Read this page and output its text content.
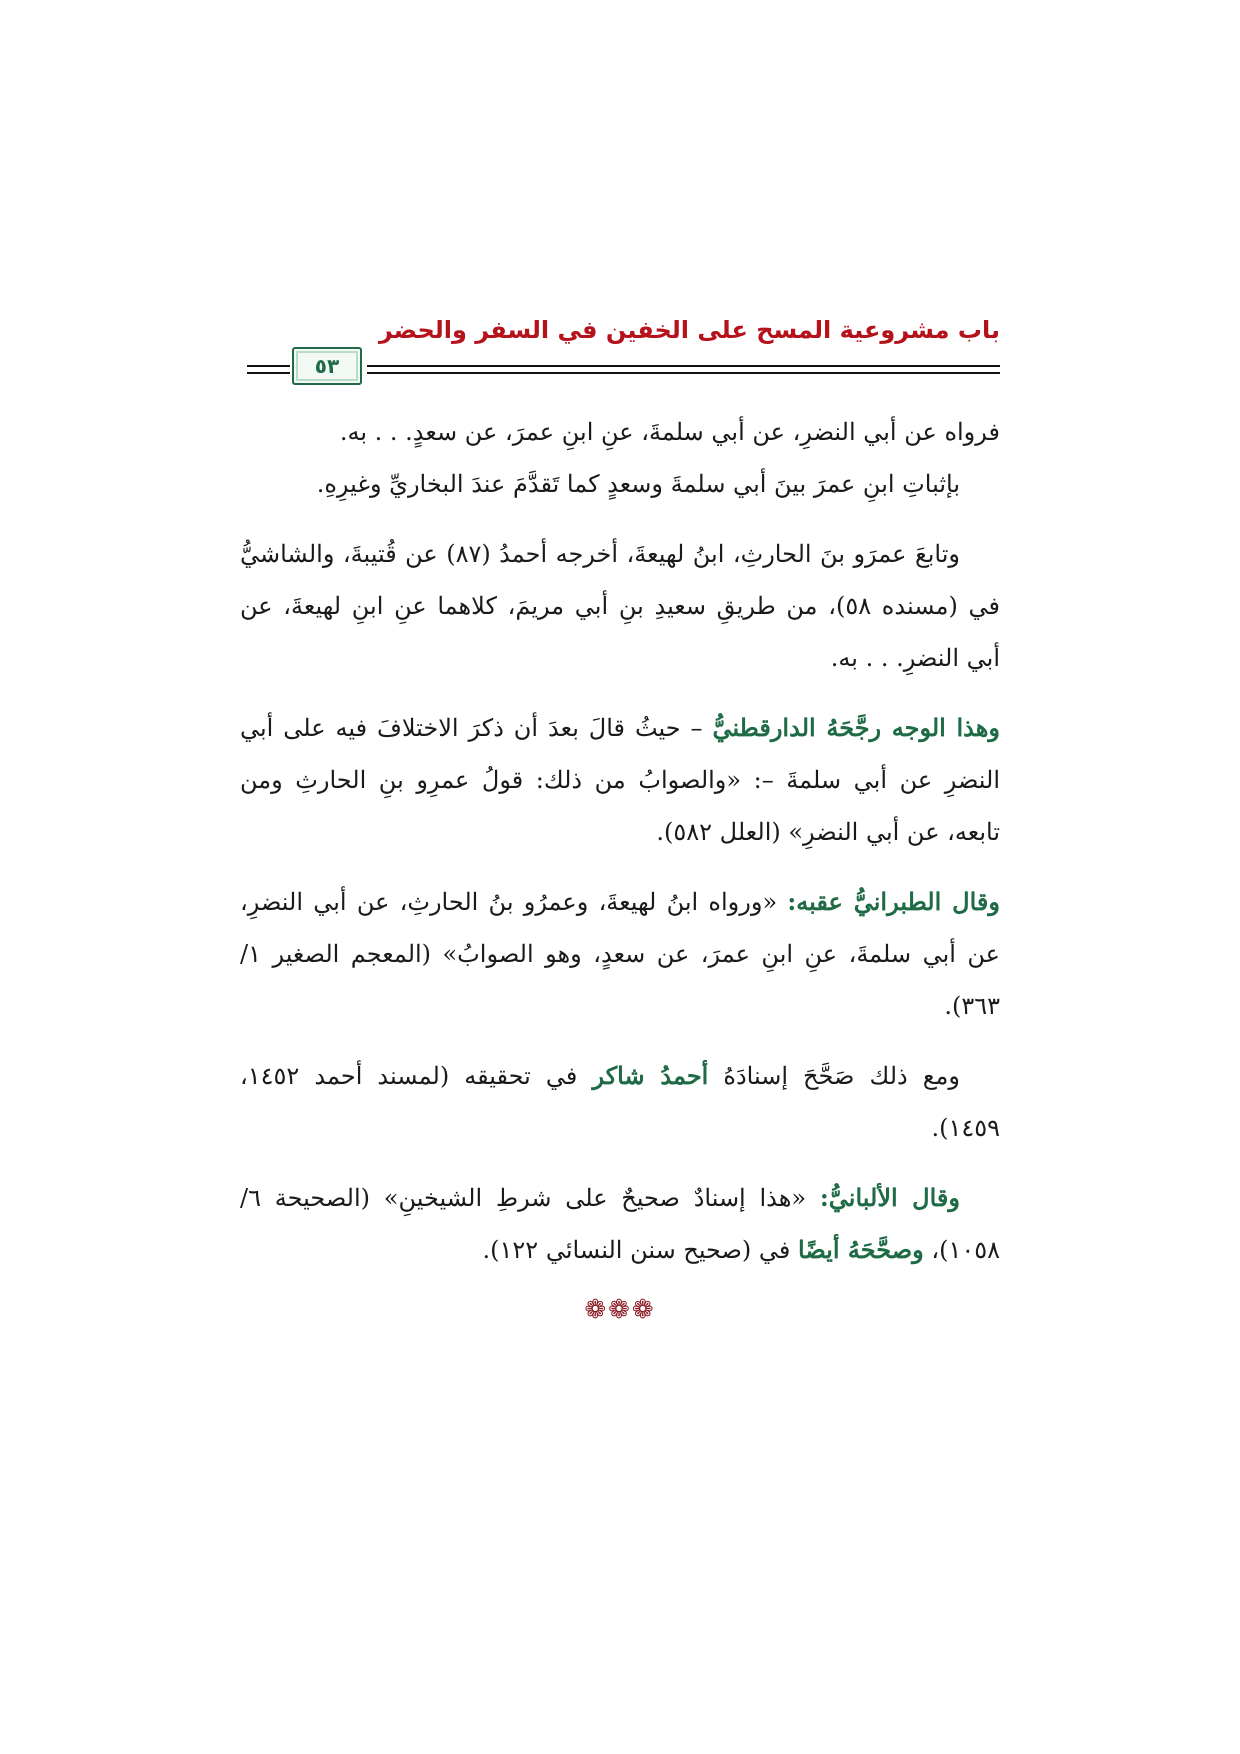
باب مشروعية المسح على الخفين في السفر والحضر
٥٣

فرواه عن أبي النضرِ، عن أبي سلمةَ، عنِ ابنِ عمرَ، عن سعدٍ. . . به.

بإثباتِ ابنِ عمرَ بينَ أبي سلمةَ وسعدٍ كما تَقدَّمَ عندَ البخاريِّ وغيرِهِ.

وتابعَ عمرَو بنَ الحارثِ، ابنُ لهيعةَ، أخرجه أحمدُ (٨٧) عن قُتيبةَ، والشاشيُّ في (مسنده ٥٨)، من طريقِ سعيدِ بنِ أبي مريمَ، كلاهما عنِ ابنِ لهيعةَ، عن أبي النضرِ. . . به.

وهذا الوجه رجَّحَهُ الدارقطنيُّ – حيثُ قالَ بعدَ أن ذكرَ الاختلافَ فيه على أبي النضرِ عن أبي سلمةَ –: «والصوابُ من ذلك: قولُ عمرِو بنِ الحارثِ ومن تابعه، عن أبي النضرِ» (العلل ٥٨٢).

وقال الطبرانيُّ عقبه: «ورواه ابنُ لهيعةَ، وعمرُو بنُ الحارثِ، عن أبي النضرِ، عن أبي سلمةَ، عنِ ابنِ عمرَ، عن سعدٍ، وهو الصوابُ» (المعجم الصغير ١/ ٣٦٣).

ومع ذلك صَحَّحَ إسنادَهُ أحمدُ شاكر في تحقيقه (لمسند أحمد ١٤٥٢، ١٤٥٩).

وقال الألبانيُّ: «هذا إسنادٌ صحيحٌ على شرطِ الشيخينِ» (الصحيحة ٦/ ١٠٥٨)، وصحَّحَهُ أيضًا في (صحيح سنن النسائي ١٢٢).

❁❁❁
